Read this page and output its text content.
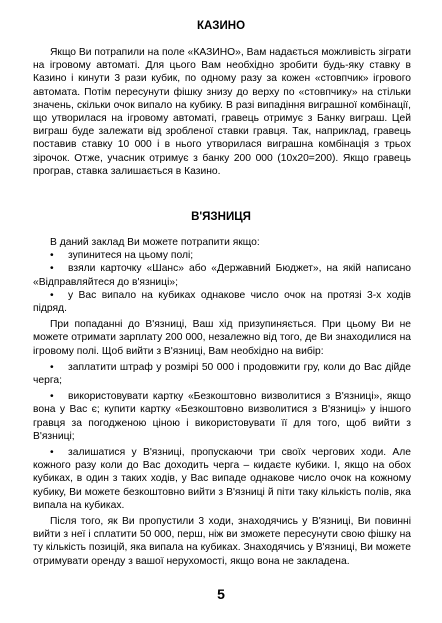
КАЗИНО

Якщо Ви потрапили на поле «КАЗИНО», Вам надається можливість зіграти на ігровому автоматі. Для цього Вам необхідно зробити будь-яку ставку в Казино і кинути 3 рази кубик, по одному разу за кожен «стовпчик» ігрового автомата. Потім пересунути фішку знизу до верху по «стовпчику» на стільки значень, скільки очок випало на кубику. В разі випадіння виграшної комбінації, що утворилася на ігровому автоматі, гравець отримує з Банку виграш. Цей виграш буде залежати від зробленої ставки гравця. Так, наприклад, гравець поставив ставку 10 000 і в нього утворилася виграшна комбінація з трьох зірочок. Отже, учасник отримує з банку 200 000 (10x20=200). Якщо гравець програв, ставка залишається в Казино.

В'ЯЗНИЦЯ

В даний заклад Ви можете потрапити якщо:

• зупинитеся на цьому полі;

• взяли карточку «Шанс» або «Державний Бюджет», на якій написано «Відправляйтеся до в'язниці»;

• у Вас випало на кубиках однакове число очок на протязі 3-х ходів підряд.

При попаданні до В'язниці, Ваш хід призупиняється. При цьому Ви не можете отримати зарплату 200 000, незалежно від того, де Ви знаходилися на ігровому полі. Щоб вийти з В'язниці, Вам необхідно на вибір:

• заплатити штраф у розмірі 50 000 і продовжити гру, коли до Вас дійде черга;

• використовувати картку «Безкоштовно визволитися з В'язниці», якщо вона у Вас є; купити картку «Безкоштовно визволитися з В'язниці» у іншого гравця за погодженою ціною і використовувати її для того, щоб вийти з В'язниці;

• залишатися у В'язниці, пропускаючи три своїх чергових ходи. Але кожного разу коли до Вас доходить черга – кидаєте кубики. І, якщо на обох кубиках, в один з таких ходів, у Вас випаде однакове число очок на кожному кубику, Ви можете безкоштовно вийти з В'язниці й піти таку кількість полів, яка випала на кубиках.

Після того, як Ви пропустили 3 ходи, знаходячись у В'язниці, Ви повинні вийти з неї і сплатити 50 000, перш, ніж ви зможете пересунути свою фішку на ту кількість позицій, яка випала на кубиках. Знаходячись у В'язниці, Ви можете отримувати оренду з вашої нерухомості, якщо вона не закладена.

5
